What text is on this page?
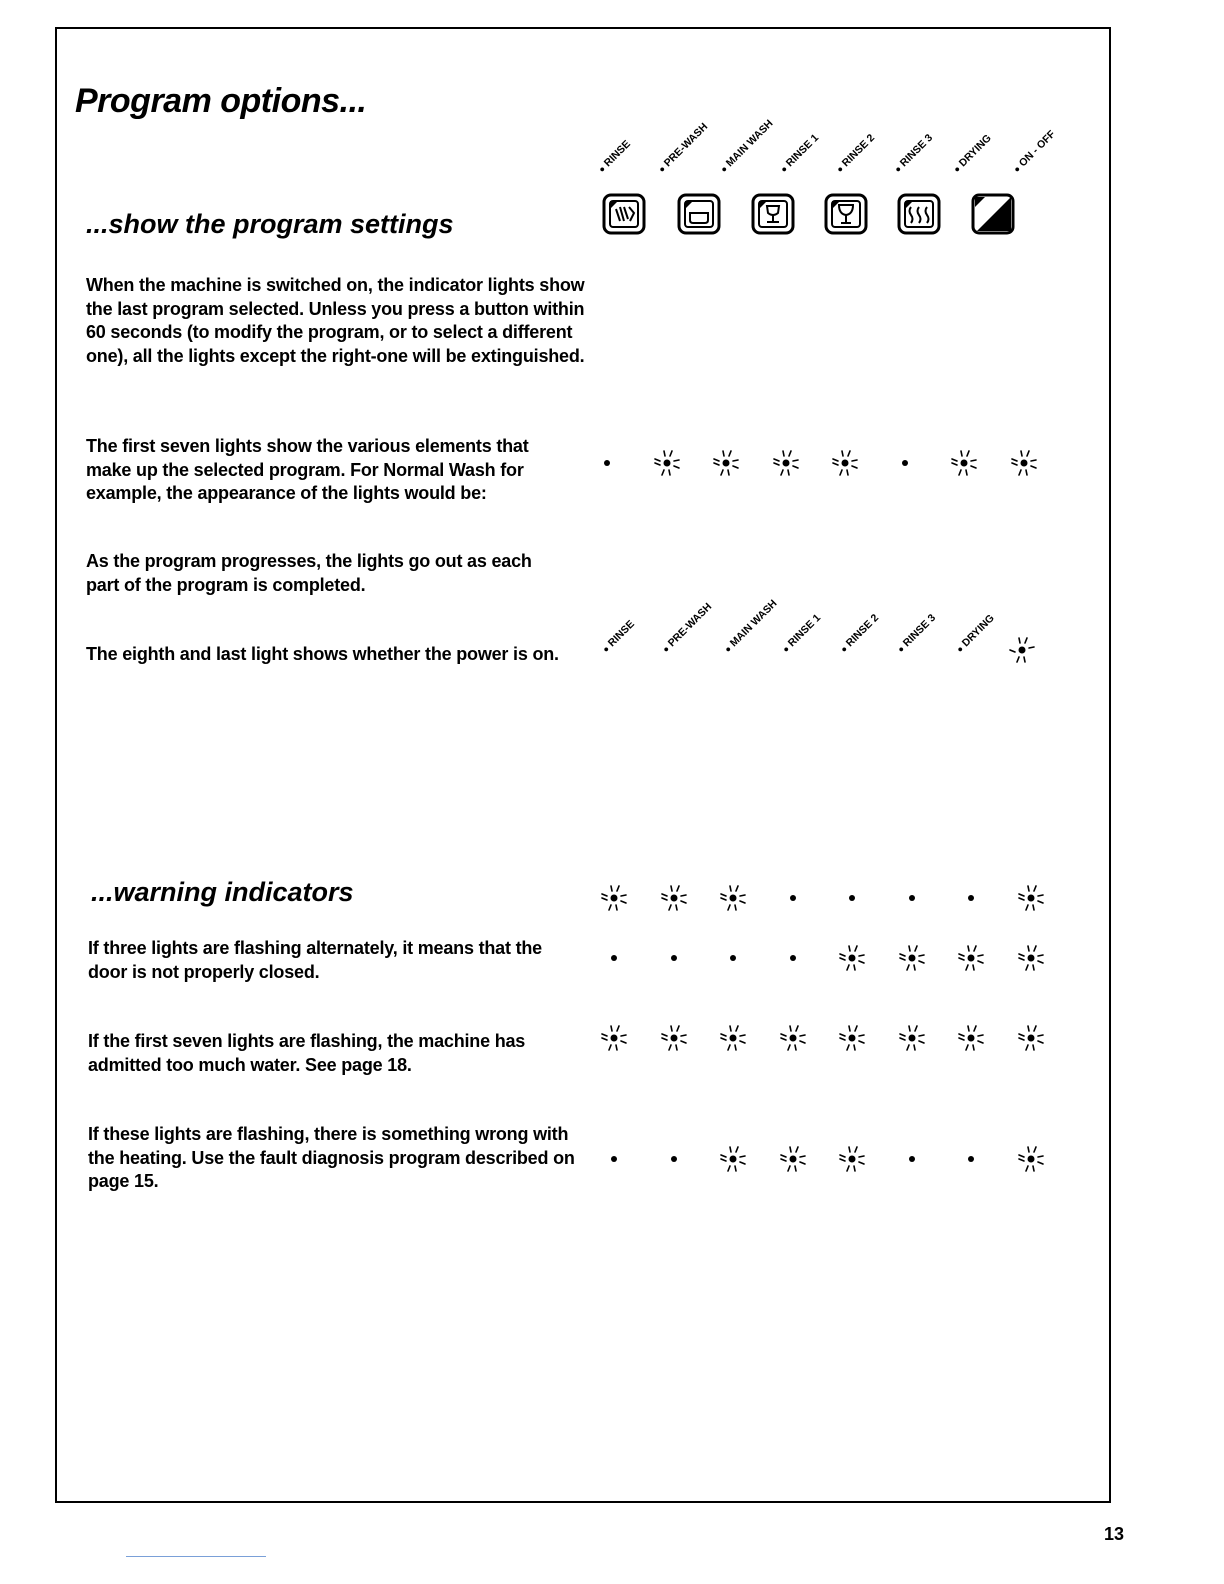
Program options...
● RINSE	● PRE-WASH	● MAIN WASH ● RINSE 1	● RINSE 2	● RINSE 3	● DRYING	● ON - OFF
...show the program settings

When the machine is switched on, the indicator lights show the last program selected. Unless you press a button within 60 seconds (to modify the program, or to select a different one), all the lights except the right-one will be extinguished.

The first seven lights show the various elements that make up the selected program. For Normal Wash for example, the appearance of the lights would be:

As the program progresses, the lights go out as each part of the program is completed.

The eighth and last light shows whether the power is on.

● RINSE	● PRE-WASH	● MAIN WASH ● RINSE 1	● RINSE 2	● RINSE 3	● DRYING
...warning indicators

If three lights are flashing alternately, it means that the door is not properly closed.

If the first seven lights are flashing, the machine has admitted too much water. See page 18.

If these lights are flashing, there is something wrong with the heating. Use the fault diagnosis program described on page 15.

13
